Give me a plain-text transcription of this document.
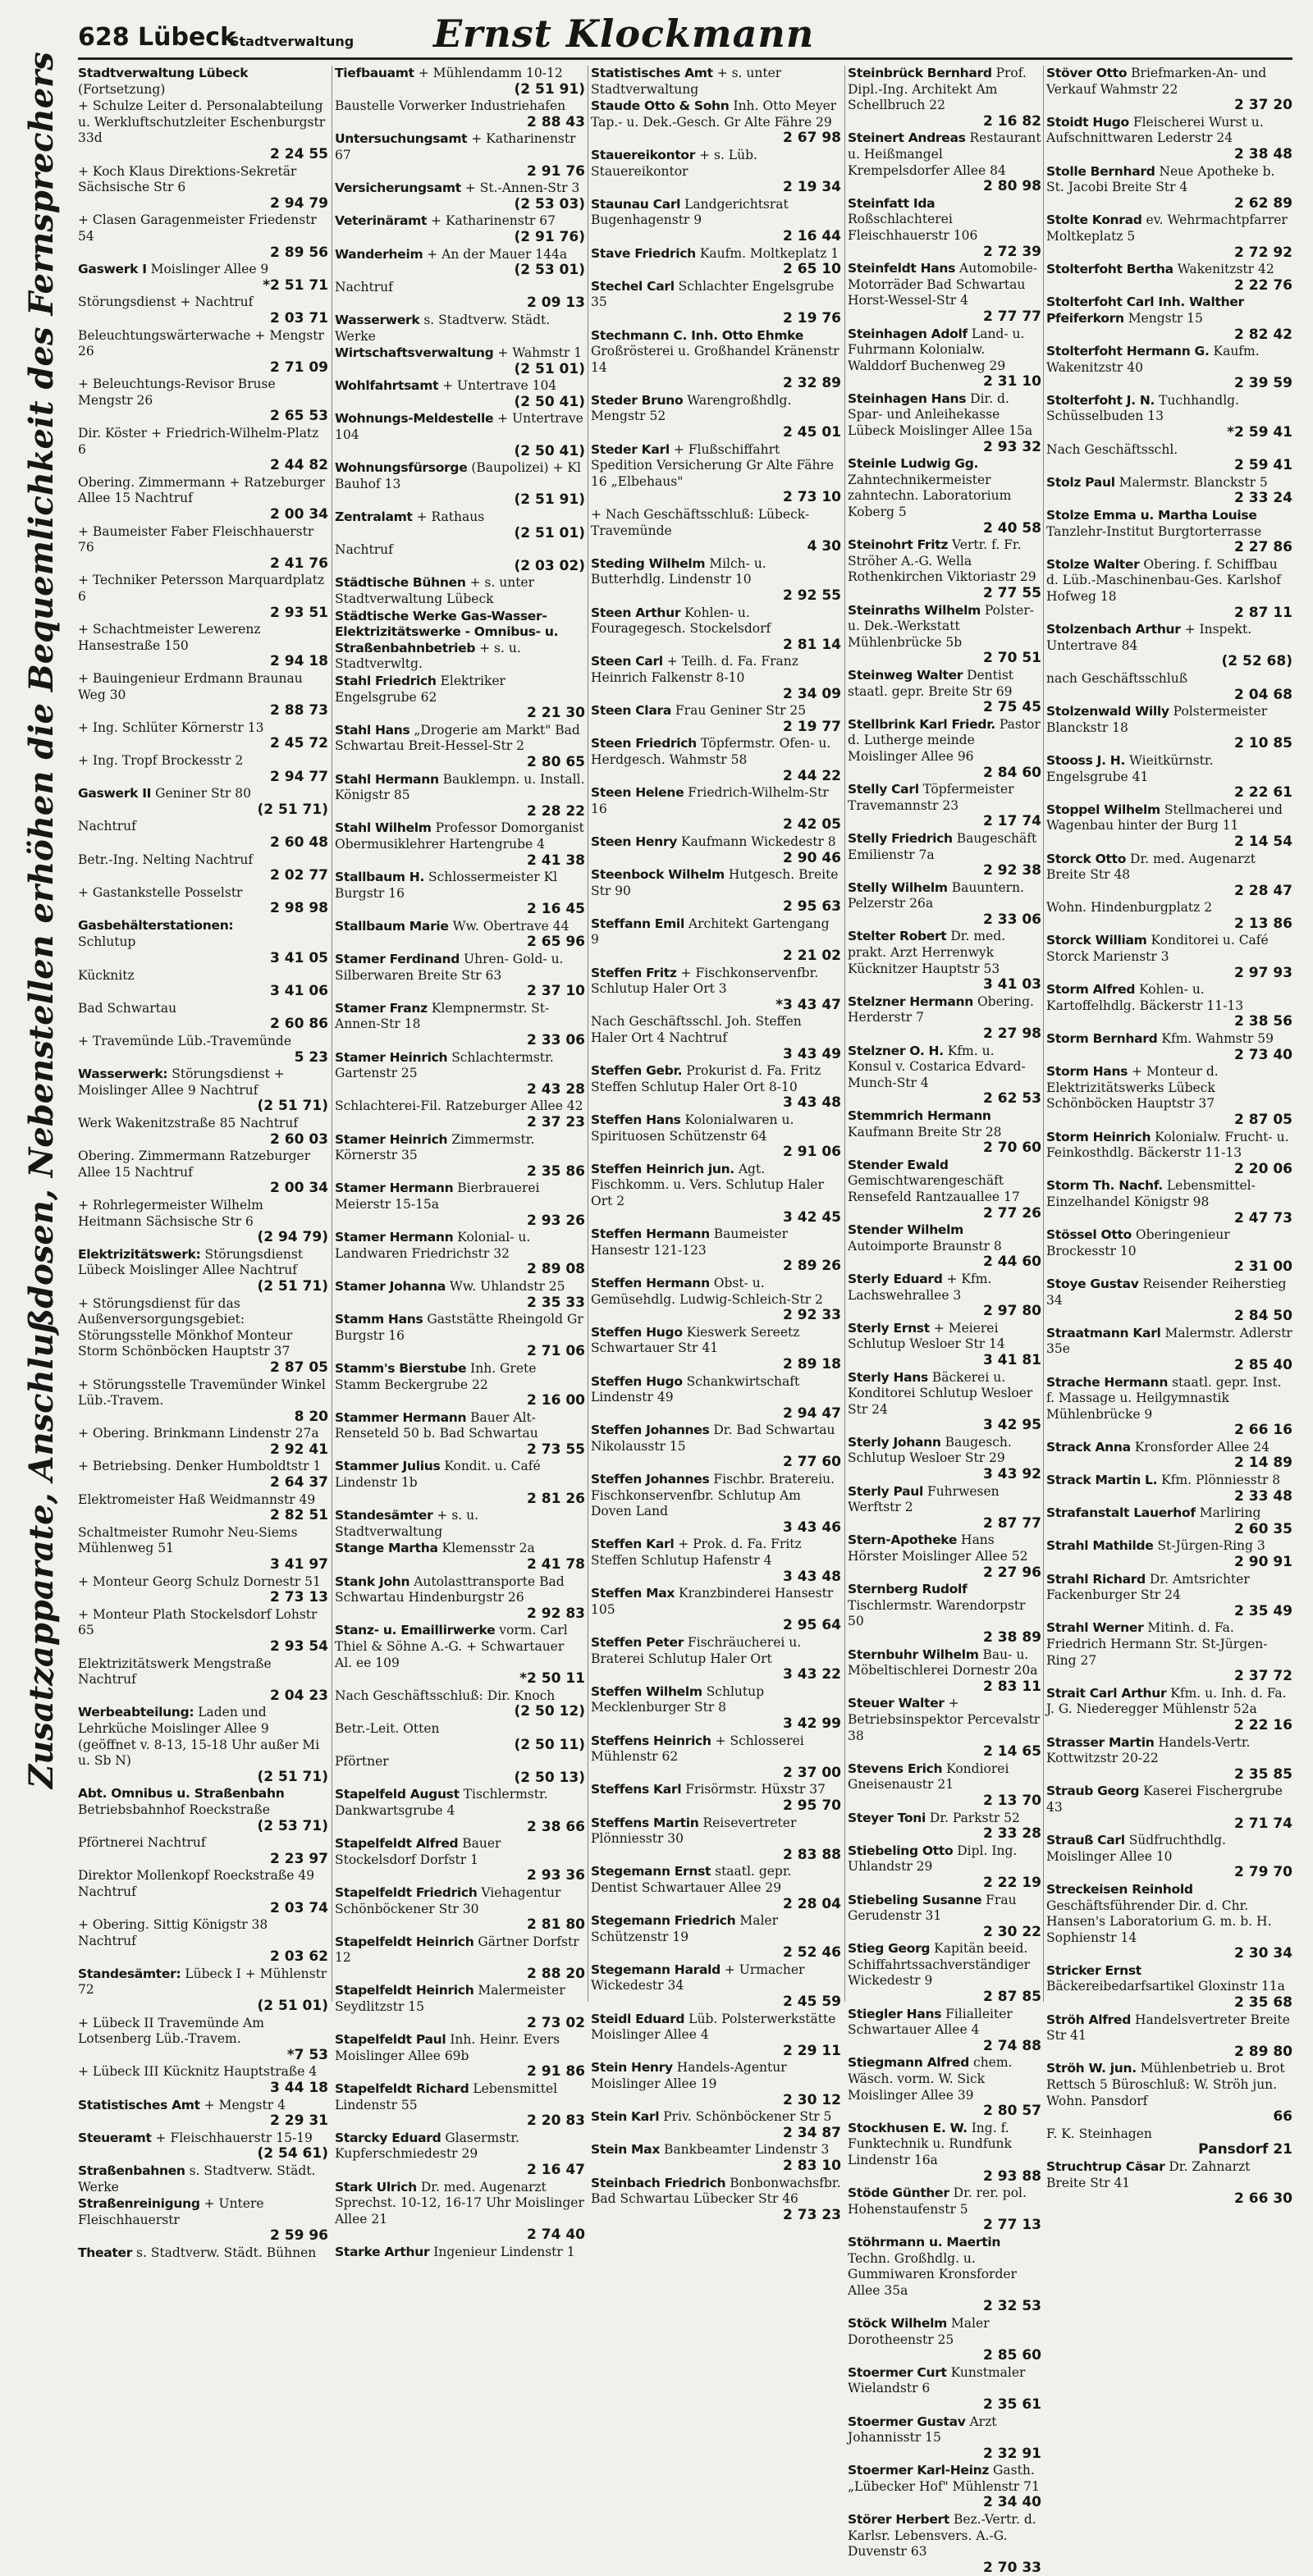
628 Lübeck
Stadtverwaltung Ernst Klockmann
Zusatzapparate, Anschlußdosen, Nebenstellen erhöhen die Bequemlichkeit des Fernsprechers	Stadtverwaltung Lübeck (Fortsetzung)
+ Schulze Leiter d. Personalabteilung u. Werkluftschutzleiter Eschenburgstr 33d
2 24 55
+ Koch Klaus Direktions-Sekretär Sächsische Str 6
2 94 79
+ Clasen Garagenmeister Friedenstr 54
2 89 56
Gaswerk I Moislinger Allee 9
*2 51 71
Störungsdienst + Nachtruf
2 03 71
Beleuchtungswärterwache + Mengstr 26
2 71 09
+ Beleuchtungs-Revisor Bruse Mengstr 26
2 65 53
Dir. Köster + Friedrich-Wilhelm-Platz 6
2 44 82
Obering. Zimmermann + Ratzeburger Allee 15 Nachtruf
2 00 34
+ Baumeister Faber Fleischhauerstr 76
2 41 76
+ Techniker Petersson Marquardplatz 6
2 93 51
+ Schachtmeister Lewerenz Hansestraße 150
2 94 18
+ Bauingenieur Erdmann Braunau Weg 30
2 88 73
+ Ing. Schlüter Körnerstr 13
2 45 72
+ Ing. Tropf Brockesstr 2
2 94 77
Gaswerk II Geniner Str 80
(2 51 71)
Nachtruf
2 60 48
Betr.-Ing. Nelting Nachtruf
2 02 77
+ Gastankstelle Posselstr
2 98 98
Gasbehälterstationen:
Schlutup
3 41 05
Kücknitz
3 41 06
Bad Schwartau
2 60 86
+ Travemünde Lüb.-Travemünde
5 23
Wasserwerk: Störungsdienst + Moislinger Allee 9 Nachtruf
(2 51 71)
Werk Wakenitzstraße 85 Nachtruf
2 60 03
Obering. Zimmermann Ratzeburger Allee 15 Nachtruf
2 00 34
+ Rohrlegermeister Wilhelm Heitmann Sächsische Str 6
(2 94 79)
Elektrizitätswerk: Störungsdienst Lübeck Moislinger Allee Nachtruf
(2 51 71)
+ Störungsdienst für das Außenversorgungsgebiet: Störungsstelle Mönkhof Monteur Storm Schönböcken Hauptstr 37
2 87 05
+ Störungsstelle Travemünder Winkel Lüb.-Travem.
8 20
+ Obering. Brinkmann Lindenstr 27a
2 92 41
+ Betriebsing. Denker Humboldtstr 1
2 64 37
Elektromeister Haß Weidmannstr 49
2 82 51
Schaltmeister Rumohr Neu-Siems Mühlenweg 51
3 41 97
+ Monteur Georg Schulz Dornestr 51
2 73 13
+ Monteur Plath Stockelsdorf Lohstr 65
2 93 54
Elektrizitätswerk Mengstraße Nachtruf
2 04 23
Werbeabteilung: Laden und Lehrküche Moislinger Allee 9 (geöffnet v. 8-13, 15-18 Uhr außer Mi u. Sb N)
(2 51 71)
Abt. Omnibus u. Straßenbahn Betriebsbahnhof Roeckstraße
(2 53 71)
Pförtnerei Nachtruf
2 23 97
Direktor Mollenkopf Roeckstraße 49 Nachtruf
2 03 74
+ Obering. Sittig Königstr 38 Nachtruf
2 03 62
Standesämter: Lübeck I + Mühlenstr 72
(2 51 01)
+ Lübeck II Travemünde Am Lotsenberg Lüb.-Travem.
*7 53
+ Lübeck III Kücknitz Hauptstraße 4
3 44 18
Statistisches Amt + Mengstr 4
2 29 31
Steueramt + Fleischhauerstr 15-19
(2 54 61)
Straßenbahnen s. Stadtverw. Städt. Werke
Straßenreinigung + Untere Fleischhauerstr
2 59 96
Theater s. Stadtverw. Städt. Bühnen
Tiefbauamt + Mühlendamm 10-12
(2 51 91)
Baustelle Vorwerker Industriehafen
2 88 43
Untersuchungsamt + Katharinenstr 67
2 91 76
Versicherungsamt + St.-Annen-Str 3
(2 53 03)
Veterinäramt + Katharinenstr 67
(2 91 76)
Wanderheim + An der Mauer 144a
(2 53 01)
Nachtruf
2 09 13
Wasserwerk s. Stadtverw. Städt. Werke
Wirtschaftsverwaltung + Wahmstr 1
(2 51 01)
Wohlfahrtsamt + Untertrave 104
(2 50 41)
Wohnungs-Meldestelle + Untertrave 104
(2 50 41)
Wohnungsfürsorge (Baupolizei) + Kl Bauhof 13
(2 51 91)
Zentralamt + Rathaus
(2 51 01)
Nachtruf
(2 03 02)
Städtische Bühnen + s. unter Stadtverwaltung Lübeck
Städtische Werke Gas-Wasser-Elektrizitätswerke - Omnibus- u. Straßenbahnbetrieb + s. u. Stadtverwltg.
Stahl Friedrich Elektriker Engelsgrube 62
2 21 30
Stahl Hans „Drogerie am Markt" Bad Schwartau Breit-Hessel-Str 2
2 80 65
Stahl Hermann Bauklempn. u. Install. Königstr 85
2 28 22
Stahl Wilhelm Professor Domorganist Obermusiklehrer Hartengrube 4
2 41 38
Stallbaum H. Schlossermeister Kl Burgstr 16
2 16 45
Stallbaum Marie Ww. Obertrave 44
2 65 96
Stamer Ferdinand Uhren- Gold- u. Silberwaren Breite Str 63
2 37 10
Stamer Franz Klempnermstr. St-Annen-Str 18
2 33 06
Stamer Heinrich Schlachtermstr. Gartenstr 25
2 43 28
Schlachterei-Fil. Ratzeburger Allee 42
2 37 23
Stamer Heinrich Zimmermstr. Körnerstr 35
2 35 86
Stamer Hermann Bierbrauerei Meierstr 15-15a
2 93 26
Stamer Hermann Kolonial- u. Landwaren Friedrichstr 32
2 89 08
Stamer Johanna Ww. Uhlandstr 25
2 35 33
Stamm Hans Gaststätte Rheingold Gr Burgstr 16
2 71 06
Stamm's Bierstube Inh. Grete Stamm Beckergrube 22
2 16 00
Stammer Hermann Bauer Alt-Renseteld 50 b. Bad Schwartau
2 73 55
Stammer Julius Kondit. u. Café Lindenstr 1b
2 81 26
Standesämter + s. u. Stadtverwaltung
Stange Martha Klemensstr 2a
2 41 78
Stank John Autolasttransporte Bad Schwartau Hindenburgstr 26
2 92 83
Stanz- u. Emaillirwerke vorm. Carl Thiel & Söhne A.-G. + Schwartauer Al. ee 109
*2 50 11
Nach Geschäftsschluß: Dir. Knoch
(2 50 12)
Betr.-Leit. Otten
(2 50 11)
Pförtner
(2 50 13)
Stapelfeld August Tischlermstr. Dankwartsgrube 4
2 38 66
Stapelfeldt Alfred Bauer Stockelsdorf Dorfstr 1
2 93 36
Stapelfeldt Friedrich Viehagentur Schönböckener Str 30
2 81 80
Stapelfeldt Heinrich Gärtner Dorfstr 12
2 88 20
Stapelfeldt Heinrich Malermeister Seydlitzstr 15
2 73 02
Stapelfeldt Paul Inh. Heinr. Evers Moislinger Allee 69b
2 91 86
Stapelfeldt Richard Lebensmittel Lindenstr 55
2 20 83
Starcky Eduard Glasermstr. Kupferschmiedestr 29
2 16 47
Stark Ulrich Dr. med. Augenarzt Sprechst. 10-12, 16-17 Uhr Moislinger Allee 21
2 74 40
Starke Arthur Ingenieur Lindenstr 1
Statistisches Amt + s. unter Stadtverwaltung
Staude Otto & Sohn Inh. Otto Meyer Tap.- u. Dek.-Gesch. Gr Alte Fähre 29
2 67 98
Stauereikontor + s. Lüb. Stauereikontor
2 19 34
Staunau Carl Landgerichtsrat Bugenhagenstr 9
2 16 44
Stave Friedrich Kaufm. Moltkeplatz 1
2 65 10
Stechel Carl Schlachter Engelsgrube 35
2 19 76
Stechmann C. Inh. Otto Ehmke Großrösterei u. Großhandel Kränenstr 14
2 32 89
Steder Bruno Warengroßhdlg. Mengstr 52
2 45 01
Steder Karl + Flußschiffahrt Spedition Versicherung Gr Alte Fähre 16 „Elbehaus"
2 73 10
+ Nach Geschäftsschluß: Lübeck-Travemünde
4 30
Steding Wilhelm Milch- u. Butterhdlg. Lindenstr 10
2 92 55
Steen Arthur Kohlen- u. Fouragegesch. Stockelsdorf
2 81 14
Steen Carl + Teilh. d. Fa. Franz Heinrich Falkenstr 8-10
2 34 09
Steen Clara Frau Geniner Str 25
2 19 77
Steen Friedrich Töpfermstr. Ofen- u. Herdgesch. Wahmstr 58
2 44 22
Steen Helene Friedrich-Wilhelm-Str 16
2 42 05
Steen Henry Kaufmann Wickedestr 8
2 90 46
Steenbock Wilhelm Hutgesch. Breite Str 90
2 95 63
Steffann Emil Architekt Gartengang 9
2 21 02
Steffen Fritz + Fischkonservenfbr. Schlutup Haler Ort 3
*3 43 47
Nach Geschäftsschl. Joh. Steffen Haler Ort 4 Nachtruf
3 43 49
Steffen Gebr. Prokurist d. Fa. Fritz Steffen Schlutup Haler Ort 8-10
3 43 48
Steffen Hans Kolonialwaren u. Spirituosen Schützenstr 64
2 91 06
Steffen Heinrich jun. Agt. Fischkomm. u. Vers. Schlutup Haler Ort 2
3 42 45
Steffen Hermann Baumeister Hansestr 121-123
2 89 26
Steffen Hermann Obst- u. Gemüsehdlg. Ludwig-Schleich-Str 2
2 92 33
Steffen Hugo Kieswerk Sereetz Schwartauer Str 41
2 89 18
Steffen Hugo Schankwirtschaft Lindenstr 49
2 94 47
Steffen Johannes Dr. Bad Schwartau Nikolausstr 15
2 77 60
Steffen Johannes Fischbr. Bratereiu. Fischkonservenfbr. Schlutup Am Doven Land
3 43 46
Steffen Karl + Prok. d. Fa. Fritz Steffen Schlutup Hafenstr 4
3 43 48
Steffen Max Kranzbinderei Hansestr 105
2 95 64
Steffen Peter Fischräucherei u. Braterei Schlutup Haler Ort
3 43 22
Steffen Wilhelm Schlutup Mecklenburger Str 8
3 42 99
Steffens Heinrich + Schlosserei Mühlenstr 62
2 37 00
Steffens Karl Frisörmstr. Hüxstr 37
2 95 70
Steffens Martin Reisevertreter Plönniesstr 30
2 83 88
Stegemann Ernst staatl. gepr. Dentist Schwartauer Allee 29
2 28 04
Stegemann Friedrich Maler Schützenstr 19
2 52 46
Stegemann Harald + Urmacher Wickedestr 34
2 45 59
Steidl Eduard Lüb. Polsterwerkstätte Moislinger Allee 4
2 29 11
Stein Henry Handels-Agentur Moislinger Allee 19
2 30 12
Stein Karl Priv. Schönböckener Str 5
2 34 87
Stein Max Bankbeamter Lindenstr 3
2 83 10
Steinbach Friedrich Bonbonwachsfbr. Bad Schwartau Lübecker Str 46
2 73 23
Steinbrück Bernhard Prof. Dipl.-Ing. Architekt Am Schellbruch 22
2 16 82
Steinert Andreas Restaurant u. Heißmangel Krempelsdorfer Allee 84
2 80 98
Steinfatt Ida Roßschlachterei Fleischhauerstr 106
2 72 39
Steinfeldt Hans Automobile-Motorräder Bad Schwartau Horst-Wessel-Str 4
2 77 77
Steinhagen Adolf Land- u. Fuhrmann Kolonialw. Walddorf Buchenweg 29
2 31 10
Steinhagen Hans Dir. d. Spar- und Anleihekasse Lübeck Moislinger Allee 15a
2 93 32
Steinle Ludwig Gg. Zahntechnikermeister zahntechn. Laboratorium Koberg 5
2 40 58
Steinohrt Fritz Vertr. f. Fr. Ströher A.-G. Wella Rothenkirchen Viktoriastr 29
2 77 55
Steinraths Wilhelm Polster- u. Dek.-Werkstatt Mühlenbrücke 5b
2 70 51
Steinweg Walter Dentist staatl. gepr. Breite Str 69
2 75 45
Stellbrink Karl Friedr. Pastor d. Lutherge meinde Moislinger Allee 96
2 84 60
Stelly Carl Töpfermeister Travemannstr 23
2 17 74
Stelly Friedrich Baugeschäft Emilienstr 7a
2 92 38
Stelly Wilhelm Bauuntern. Pelzerstr 26a
2 33 06
Stelter Robert Dr. med. prakt. Arzt Herrenwyk Kücknitzer Hauptstr 53
3 41 03
Stelzner Hermann Obering. Herderstr 7
2 27 98
Stelzner O. H. Kfm. u. Konsul v. Costarica Edvard-Munch-Str 4
2 62 53
Stemmrich Hermann Kaufmann Breite Str 28
2 70 60
Stender Ewald Gemischtwarengeschäft Rensefeld Rantzauallee 17
2 77 26
Stender Wilhelm Autoimporte Braunstr 8
2 44 60
Sterly Eduard + Kfm. Lachswehrallee 3
2 97 80
Sterly Ernst + Meierei Schlutup Wesloer Str 14
3 41 81
Sterly Hans Bäckerei u. Konditorei Schlutup Wesloer Str 24
3 42 95
Sterly Johann Baugesch. Schlutup Wesloer Str 29
3 43 92
Sterly Paul Fuhrwesen Werftstr 2
2 87 77
Stern-Apotheke Hans Hörster Moislinger Allee 52
2 27 96
Sternberg Rudolf Tischlermstr. Warendorpstr 50
2 38 89
Sternbuhr Wilhelm Bau- u. Möbeltischlerei Dornestr 20a
2 83 11
Steuer Walter + Betriebsinspektor Percevalstr 38
2 14 65
Stevens Erich Kondiorei Gneisenaustr 21
2 13 70
Steyer Toni Dr. Parkstr 52
2 33 28
Stiebeling Otto Dipl. Ing. Uhlandstr 29
2 22 19
Stiebeling Susanne Frau Gerudenstr 31
2 30 22
Stieg Georg Kapitän beeid. Schiffahrtssachverständiger Wickedestr 9
2 87 85
Stiegler Hans Filialleiter Schwartauer Allee 4
2 74 88
Stiegmann Alfred chem. Wäsch. vorm. W. Sick Moislinger Allee 39
2 80 57
Stockhusen E. W. Ing. f. Funktechnik u. Rundfunk Lindenstr 16a
2 93 88
Stöde Günther Dr. rer. pol. Hohenstaufenstr 5
2 77 13
Stöhrmann u. Maertin Techn. Großhdlg. u. Gummiwaren Kronsforder Allee 35a
2 32 53
Stöck Wilhelm Maler Dorotheenstr 25
2 85 60
Stoermer Curt Kunstmaler Wielandstr 6
2 35 61
Stoermer Gustav Arzt Johannisstr 15
2 32 91
Stoermer Karl-Heinz Gasth. „Lübecker Hof" Mühlenstr 71
2 34 40
Störer Herbert Bez.-Vertr. d. Karlsr. Lebensvers. A.-G. Duvenstr 63
2 70 33
Stöver Otto Briefmarken-An- und Verkauf Wahmstr 22
2 37 20
Stoidt Hugo Fleischerei Wurst u. Aufschnittwaren Lederstr 24
2 38 48
Stolle Bernhard Neue Apotheke b. St. Jacobi Breite Str 4
2 62 89
Stolte Konrad ev. Wehrmachtpfarrer Moltkeplatz 5
2 72 92
Stolterfoht Bertha Wakenitzstr 42
2 22 76
Stolterfoht Carl Inh. Walther Pfeiferkorn Mengstr 15
2 82 42
Stolterfoht Hermann G. Kaufm. Wakenitzstr 40
2 39 59
Stolterfoht J. N. Tuchhandlg. Schüsselbuden 13
*2 59 41
Nach Geschäftsschl.
2 59 41
Stolz Paul Malermstr. Blanckstr 5
2 33 24
Stolze Emma u. Martha Louise Tanzlehr-Institut Burgtorterrasse
2 27 86
Stolze Walter Obering. f. Schiffbau d. Lüb.-Maschinenbau-Ges. Karlshof Hofweg 18
2 87 11
Stolzenbach Arthur + Inspekt. Untertrave 84
(2 52 68)
nach Geschäftsschluß
2 04 68
Stolzenwald Willy Polstermeister Blanckstr 18
2 10 85
Stooss J. H. Wieitkürnstr. Engelsgrube 41
2 22 61
Stoppel Wilhelm Stellmacherei und Wagenbau hinter der Burg 11
2 14 54
Storck Otto Dr. med. Augenarzt Breite Str 48
2 28 47
Wohn. Hindenburgplatz 2
2 13 86
Storck William Konditorei u. Café Storck Marienstr 3
2 97 93
Storm Alfred Kohlen- u. Kartoffelhdlg. Bäckerstr 11-13
2 38 56
Storm Bernhard Kfm. Wahmstr 59
2 73 40
Storm Hans + Monteur d. Elektrizitätswerks Lübeck Schönböcken Hauptstr 37
2 87 05
Storm Heinrich Kolonialw. Frucht- u. Feinkosthdlg. Bäckerstr 11-13
2 20 06
Storm Th. Nachf. Lebensmittel-Einzelhandel Königstr 98
2 47 73
Stössel Otto Oberingenieur Brockesstr 10
2 31 00
Stoye Gustav Reisender Reiherstieg 34
2 84 50
Straatmann Karl Malermstr. Adlerstr 35e
2 85 40
Strache Hermann staatl. gepr. Inst. f. Massage u. Heilgymnastik Mühlenbrücke 9
2 66 16
Strack Anna Kronsforder Allee 24
2 14 89
Strack Martin L. Kfm. Plönniesstr 8
2 33 48
Strafanstalt Lauerhof Marliring
2 60 35
Strahl Mathilde St-Jürgen-Ring 3
2 90 91
Strahl Richard Dr. Amtsrichter Fackenburger Str 24
2 35 49
Strahl Werner Mitinh. d. Fa. Friedrich Hermann Str. St-Jürgen-Ring 27
2 37 72
Strait Carl Arthur Kfm. u. Inh. d. Fa. J. G. Niederegger Mühlenstr 52a
2 22 16
Strasser Martin Handels-Vertr. Kottwitzstr 20-22
2 35 85
Straub Georg Kaserei Fischergrube 43
2 71 74
Strauß Carl Südfruchthdlg. Moislinger Allee 10
2 79 70
Streckeisen Reinhold Geschäftsführender Dir. d. Chr. Hansen's Laboratorium G. m. b. H. Sophienstr 14
2 30 34
Stricker Ernst Bäckereibedarfsartikel Gloxinstr 11a
2 35 68
Ströh Alfred Handelsvertreter Breite Str 41
2 89 80
Ströh W. jun. Mühlenbetrieb u. Brot Rettsch 5 Büroschluß: W. Ströh jun. Wohn. Pansdorf
66
F. K. Steinhagen
Pansdorf 21
Struchtrup Cäsar Dr. Zahnarzt Breite Str 41
2 66 30
